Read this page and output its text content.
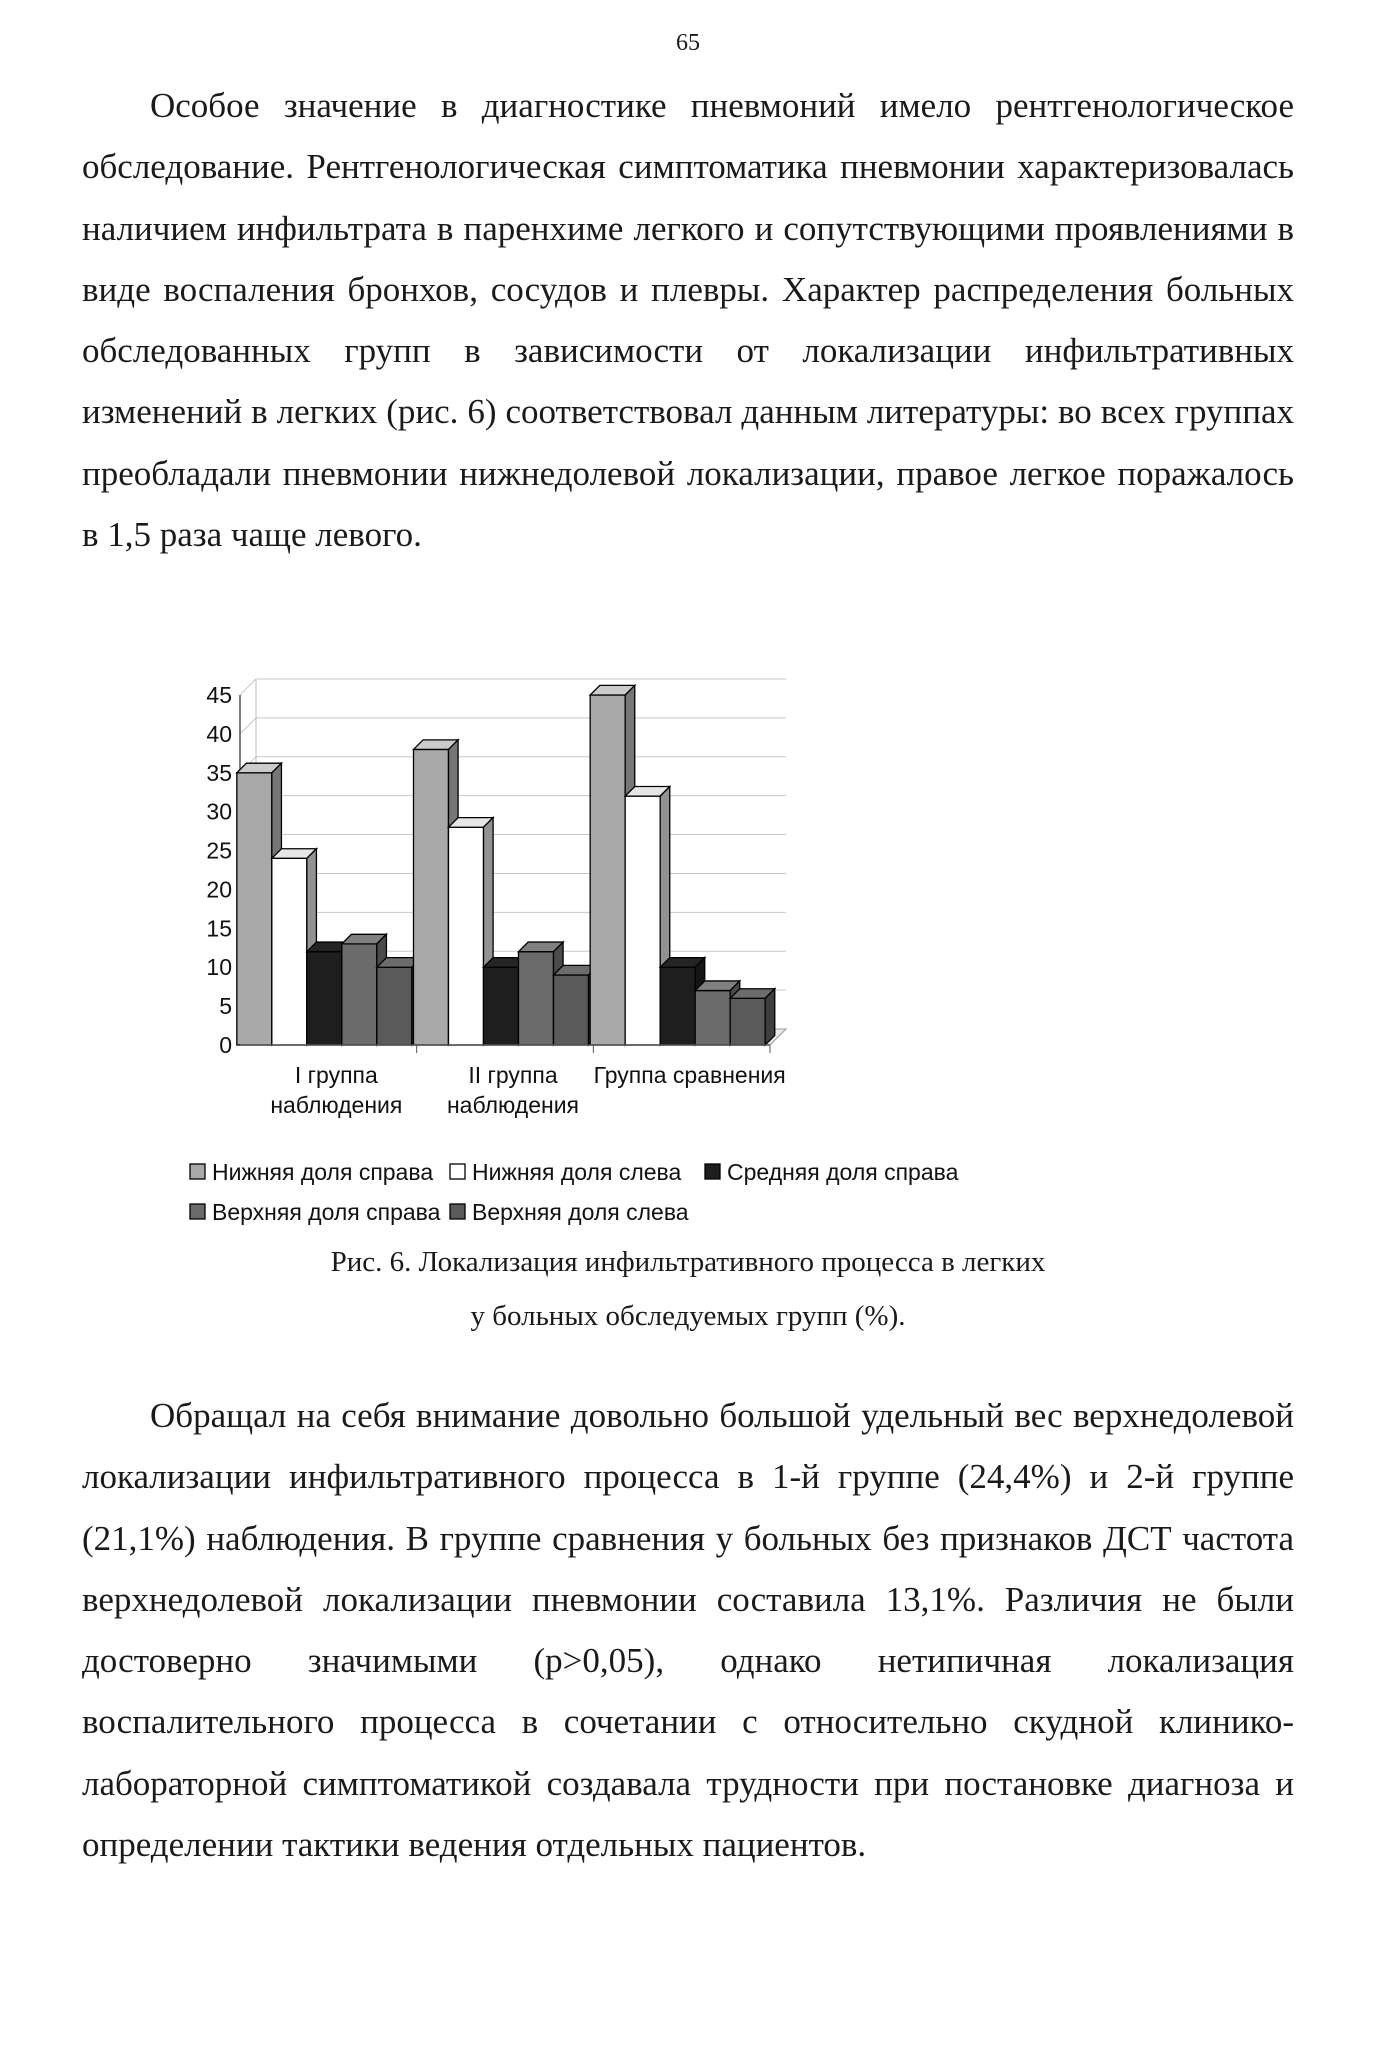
65

Особое значение в диагностике пневмоний имело рентгенологическое обследование. Рентгенологическая симптоматика пневмонии характеризовалась наличием инфильтрата в паренхиме легкого и сопутствующими проявлениями в виде воспаления бронхов, сосудов и плевры. Характер распределения больных обследованных групп в зависимости от локализации инфильтративных изменений в легких (рис. 6) соответствовал данным литературы: во всех группах преобладали пневмонии нижнедолевой локализации, правое легкое поражалось в 1,5 раза чаще левого.

0
5
10
15
20
25
30
35
40
45
I группа
наблюдения
II группа
наблюдения
Группа сравнения
Нижняя доля справа Нижняя доля слева Средняя доля справа
Верхняя доля справа Верхняя доля слева
Рис. 6. Локализация инфильтративного процесса в легких
у больных обследуемых групп (%).

Обращал на себя внимание довольно большой удельный вес верхнедолевой локализации инфильтративного процесса в 1-й группе (24,4%) и 2-й группе (21,1%) наблюдения. В группе сравнения у больных без признаков ДСТ частота верхнедолевой локализации пневмонии составила 13,1%. Различия не были достоверно значимыми (p>0,05), однако нетипичная локализация воспалительного процесса в сочетании с относительно скудной клинико-лабораторной симптоматикой создавала трудности при постановке диагноза и определении тактики ведения отдельных пациентов.
